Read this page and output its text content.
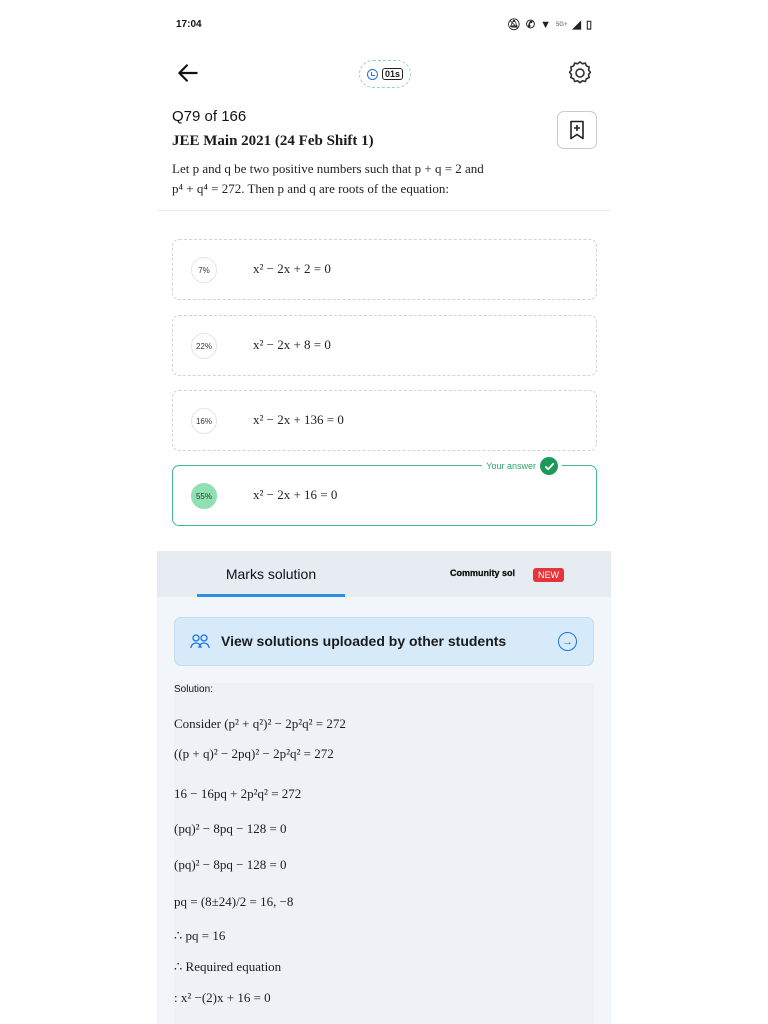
17:04	🔕︎ ✆ ▼ 5G+ ◢ ▯
01s
Q79 of 166
JEE Main 2021 (24 Feb Shift 1)
Let p and q be two positive numbers such that p + q = 2 and
p⁴ + q⁴ = 272. Then p and q are roots of the equation:
7%	x² − 2x + 2 = 0
22%	x² − 2x + 8 = 0
16%	x² − 2x + 136 = 0
Your answer
55%	x² − 2x + 16 = 0
Marks solution	Community sol	NEW
View solutions uploaded by other students	→
Solution:
Consider (p² + q²)² − 2p²q² = 272
((p + q)² − 2pq)² − 2p²q² = 272
16 − 16pq + 2p²q² = 272
(pq)² − 8pq − 128 = 0
(pq)² − 8pq − 128 = 0
pq = (8±24)/2 = 16, −8
∴ pq = 16
∴ Required equation
: x² −(2)x + 16 = 0
